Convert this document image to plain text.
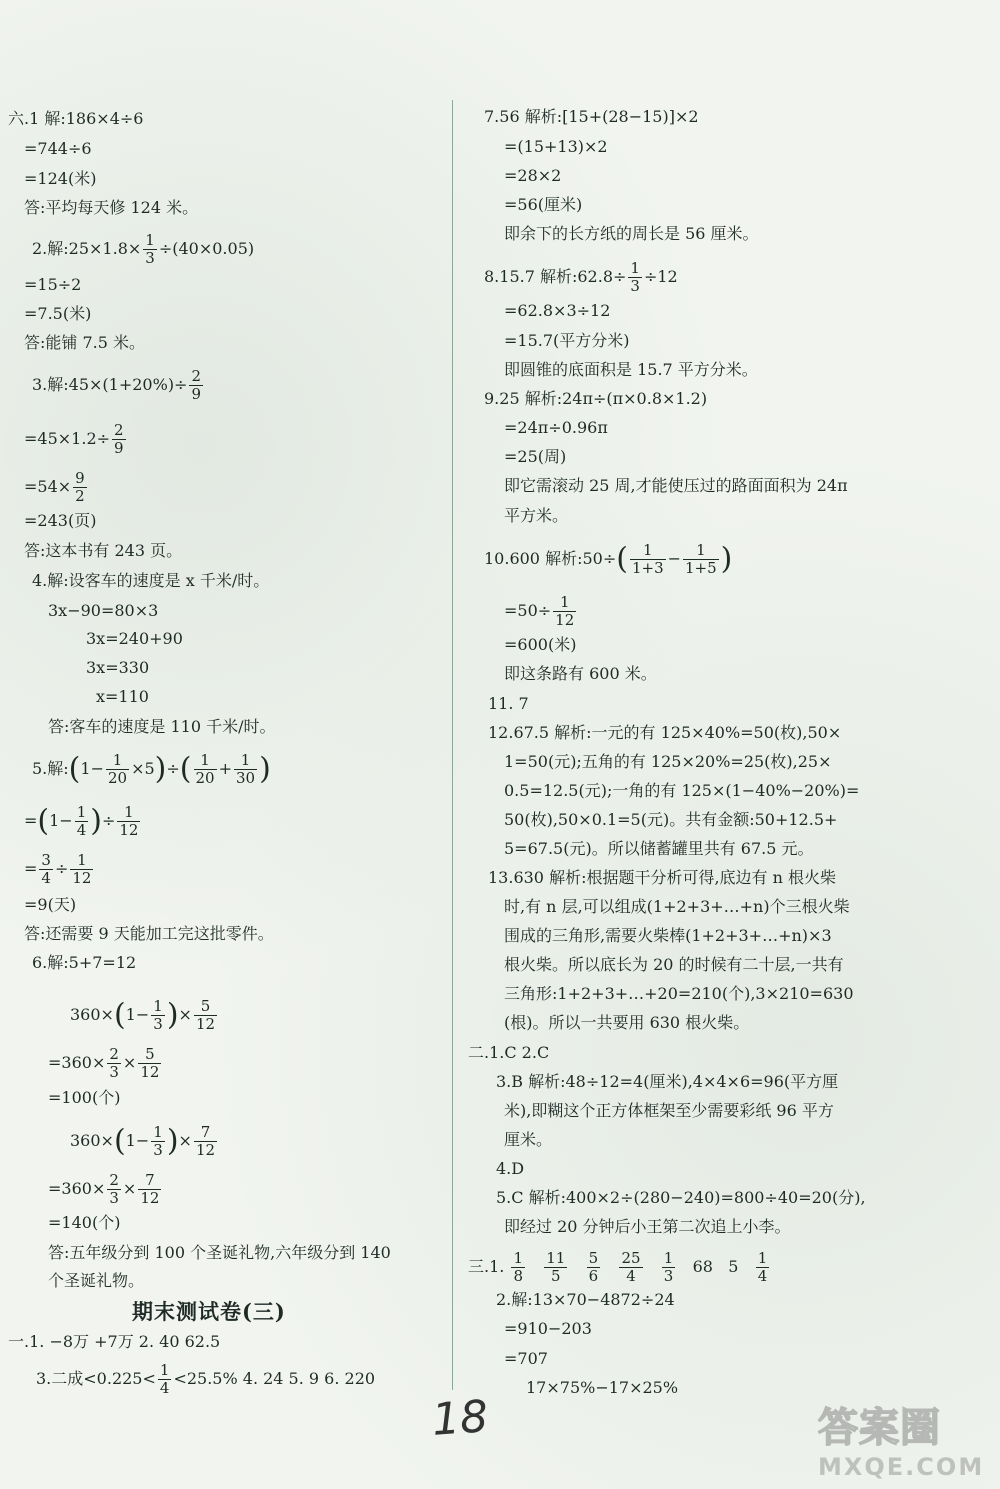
六.1 解:186×4÷6
=744÷6
=124(米)
答:平均每天修 124 米。
2.解:25×1.8× $\frac{1}{3} \div(40\times 0.05)$
=15÷2
=7.5(米)
答:能铺 7.5 米。
3.解:45×(1+20%)÷ $\frac{2}{9}$
$=45\times 1.2\div \frac{2}{9}$
$=54\times \frac{9}{2}$
=243(页)
答:这本书有 243 页。
4.解:设客车的速度是 x 千米/时。
3x−90=80×3
3x=240+90
3x=330
x=110
答:客车的速度是 110 千米/时。
5.解:(1− $\frac{1}{20} \times 5)\div( \frac{1}{20} + \frac{1}{30}$ )
$=(1- \frac{1}{4}$ )÷ $\frac{1}{12}$
= $\frac{3}{4} \div \frac{1}{12}$
=9(天)
答:还需要 9 天能加工完这批零件。
6.解:5+7=12
$360\times(1- \frac{1}{3}$ )× $\frac{5}{12}$
$=360\times \frac{2}{3} \times \frac{5}{12}$
=100(个)
$360\times(1- \frac{1}{3}$ )× $\frac{7}{12}$
$=360\times \frac{2}{3} \times \frac{7}{12}$
=140(个)
答:五年级分到 100 个圣诞礼物,六年级分到 140
个圣诞礼物。
期末测试卷(三)
一.1. −8万 +7万 2. 40 62.5
3.二成$<0.225< \frac{1}{4} <25.5\%$ 4. 24 5. 9 6. 220
7.56 解析:[15+(28−15)]×2
=(15+13)×2
=28×2
=56(厘米)
即余下的长方纸的周长是 56 厘米。
8.15.7 解析:62.8÷ $\frac{1}{3} \div 12$
=62.8×3÷12
=15.7(平方分米)
即圆锥的底面积是 15.7 平方分米。
9.25 解析:24π÷(π×0.8×1.2)
=24π÷0.96π
=25(周)
即它需滚动 25 周,才能使压过的路面面积为 24π
平方米。
10.600 解析:50÷( $\frac{1}{1+3} - \frac{1}{1+5}$ )
$=50\div \frac{1}{12}$
=600(米)
即这条路有 600 米。
11. 7
12.67.5 解析:一元的有 125×40%=50(枚),50×
1=50(元);五角的有 125×20%=25(枚),25×
0.5=12.5(元);一角的有 125×(1−40%−20%)=
50(枚),50×0.1=5(元)。共有金额:50+12.5+
5=67.5(元)。所以储蓄罐里共有 67.5 元。
13.630 解析:根据题干分析可得,底边有 n 根火柴
时,有 n 层,可以组成(1+2+3+…+n)个三根火柴
围成的三角形,需要火柴棒(1+2+3+…+n)×3
根火柴。所以底长为 20 的时候有二十层,一共有
三角形:1+2+3+…+20=210(个),3×210=630
(根)。所以一共要用 630 根火柴。
二.1.C 2.C
3.B 解析:48÷12=4(厘米),4×4×6=96(平方厘
米),即糊这个正方体框架至少需要彩纸 96 平方
厘米。
4.D
5.C 解析:400×2÷(280−240)=800÷40=20(分),
即经过 20 分钟后小王第二次追上小李。
三.1. $\frac{1}{8}$
$\frac{11}{5}$
$\frac{5}{6}$
$\frac{25}{4}$
$\frac{1}{3} 68$ $5 \frac{1}{4}$
2.解:13×70−4872÷24
=910−203
=707
17×75%−17×25%
18	答案圈
MXQE.COM
